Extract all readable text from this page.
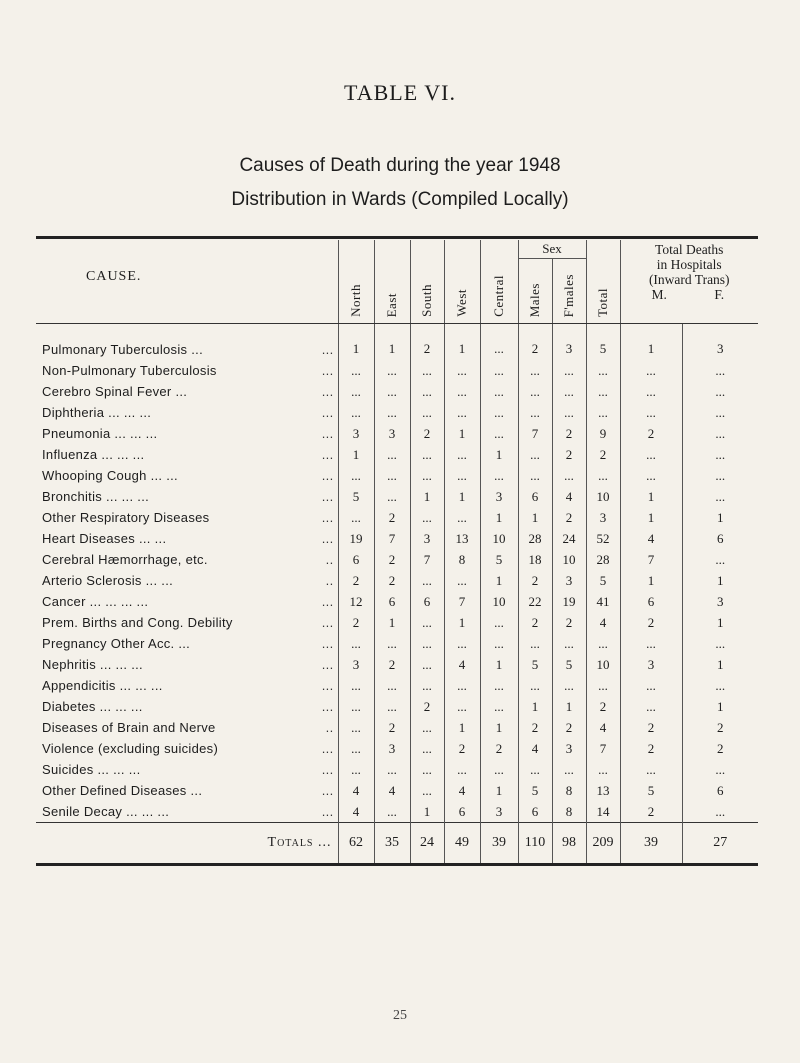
TABLE VI.
Causes of Death during the year 1948
Distribution in Wards (Compiled Locally)
CAUSE.	North	East	South	West	Central	Sex		Total	Total Deaths
in Hospitals
(Inward Trans)
M. F.	

						Males	F'males			

Pulmonary Tuberculosis ... ...	1	1	2	1	...	2	3	5	1	3
Non-Pulmonary Tuberculosis ...	...	...	...	...	...	...	...	...	...	...
Cerebro Spinal Fever ... ...	...	...	...	...	...	...	...	...	...	...
Diphtheria ... ... ... ...	...	...	...	...	...	...	...	...	...	...
Pneumonia ... ... ... ...	3	3	2	1	...	7	2	9	2	...
Influenza ... ... ... ...	1	...	...	...	1	...	2	2	...	...
Whooping Cough ... ... ...	...	...	...	...	...	...	...	...	...	...
Bronchitis ... ... ... ...	5	...	1	1	3	6	4	10	1	...
Other Respiratory Diseases ...	...	2	...	...	1	1	2	3	1	1
Heart Diseases ... ... ...	19	7	3	13	10	28	24	52	4	6
Cerebral Hæmorrhage, etc. ..	6	2	7	8	5	18	10	28	7	...
Arterio Sclerosis ... ... ..	2	2	...	...	1	2	3	5	1	1
Cancer ... ... ... ... ...	12	6	6	7	10	22	19	41	6	3
Prem. Births and Cong. Debility ...	2	1	...	1	...	2	2	4	2	1
Pregnancy Other Acc. ... ...	...	...	...	...	...	...	...	...	...	...
Nephritis ... ... ... ...	3	2	...	4	1	5	5	10	3	1
Appendicitis ... ... ... ...	...	...	...	...	...	...	...	...	...	...
Diabetes ... ... ... ...	...	...	2	...	...	1	1	2	...	1
Diseases of Brain and Nerve ..	...	2	...	1	1	2	2	4	2	2
Violence (excluding suicides) ...	...	3	...	2	2	4	3	7	2	2
Suicides ... ... ... ...	...	...	...	...	...	...	...	...	...	...
Other Defined Diseases ... ...	4	4	...	4	1	5	8	13	5	6
Senile Decay ... ... ... ...	4	...	1	6	3	6	8	14	2	...
Totals ...	62	35	24	49	39	110	98	209	39	27
25
